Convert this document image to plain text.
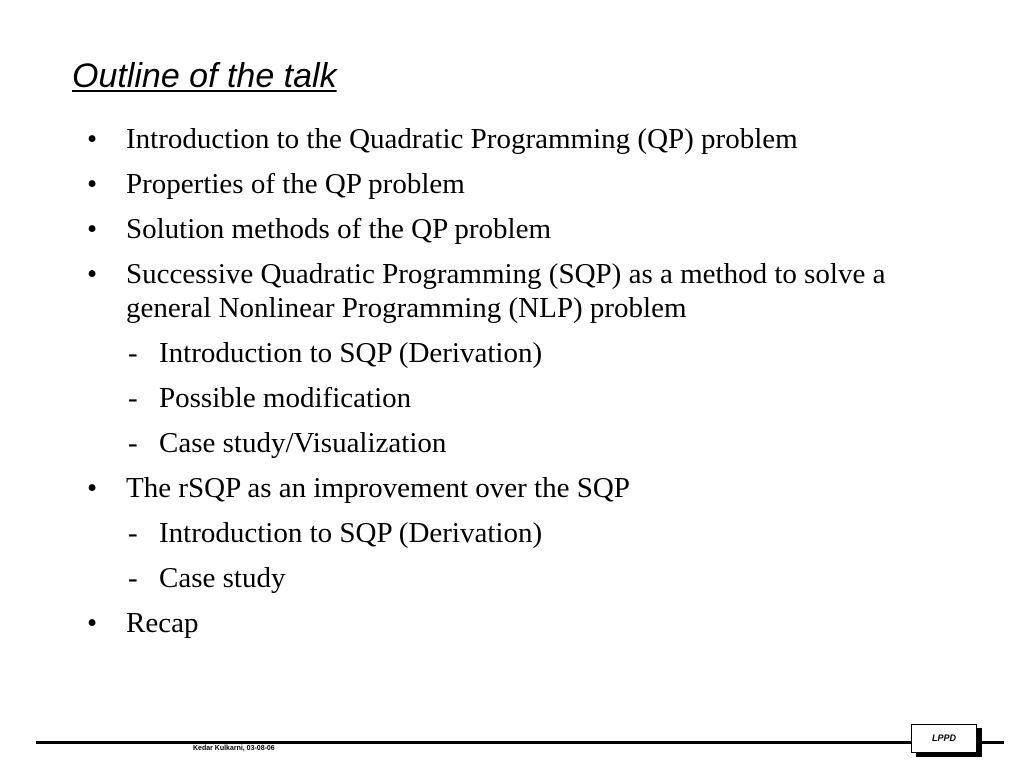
Outline of the talk
• Introduction to the Quadratic Programming (QP) problem
• Properties of the QP problem
• Solution methods of the QP problem
• Successive Quadratic Programming (SQP) as a method to solve a general Nonlinear Programming (NLP) problem
- Introduction to SQP (Derivation)
- Possible modification
- Case study/Visualization
• The rSQP as an improvement over the SQP
- Introduction to SQP (Derivation)
- Case study
• Recap
Kedar Kulkarni, 03-08-06
LPPD
